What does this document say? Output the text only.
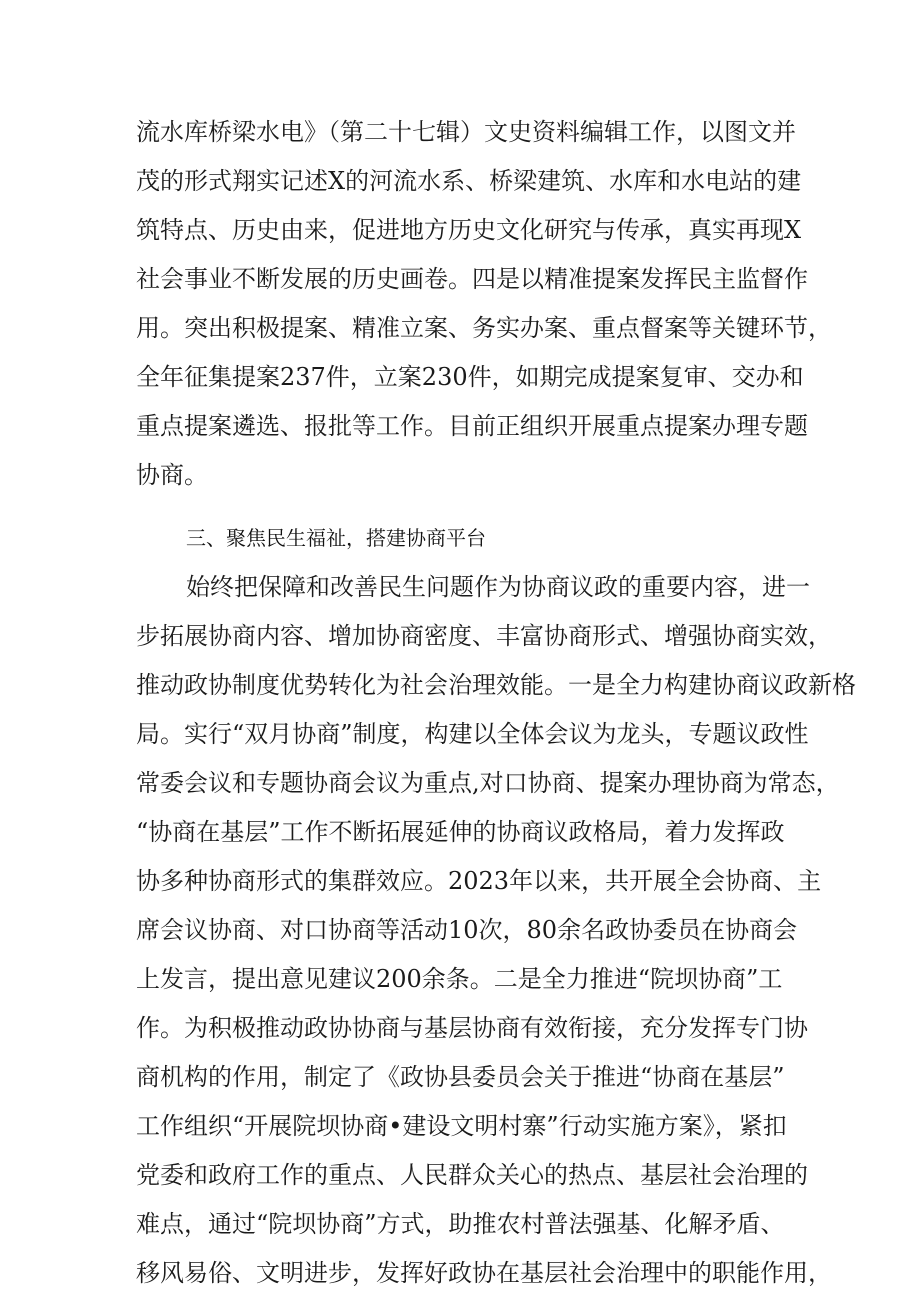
流水库桥梁水电》（第二十七辑）文史资料编辑工作，以图文并
茂的形式翔实记述X的河流水系、桥梁建筑、水库和水电站的建
筑特点、历史由来，促进地方历史文化研究与传承，真实再现X
社会事业不断发展的历史画卷。四是以精准提案发挥民主监督作
用。突出积极提案、精准立案、务实办案、重点督案等关键环节，
全年征集提案237件，立案230件，如期完成提案复审、交办和
重点提案遴选、报批等工作。目前正组织开展重点提案办理专题
协商。
三、聚焦民生福祉，搭建协商平台
始终把保障和改善民生问题作为协商议政的重要内容，进一
步拓展协商内容、增加协商密度、丰富协商形式、增强协商实效，
推动政协制度优势转化为社会治理效能。一是全力构建协商议政新格
局。实行“双月协商”制度，构建以全体会议为龙头，专题议政性
常委会议和专题协商会议为重点,对口协商、提案办理协商为常态，
“协商在基层”工作不断拓展延伸的协商议政格局，着力发挥政
协多种协商形式的集群效应。2023年以来，共开展全会协商、主
席会议协商、对口协商等活动10次，80余名政协委员在协商会
上发言，提出意见建议200余条。二是全力推进“院坝协商”工
作。为积极推动政协协商与基层协商有效衔接，充分发挥专门协
商机构的作用，制定了《政协县委员会关于推进“协商在基层”
工作组织“开展院坝协商•建设文明村寨”行动实施方案》，紧扣
党委和政府工作的重点、人民群众关心的热点、基层社会治理的
难点，通过“院坝协商”方式，助推农村普法强基、化解矛盾、
移风易俗、文明进步，发挥好政协在基层社会治理中的职能作用，
